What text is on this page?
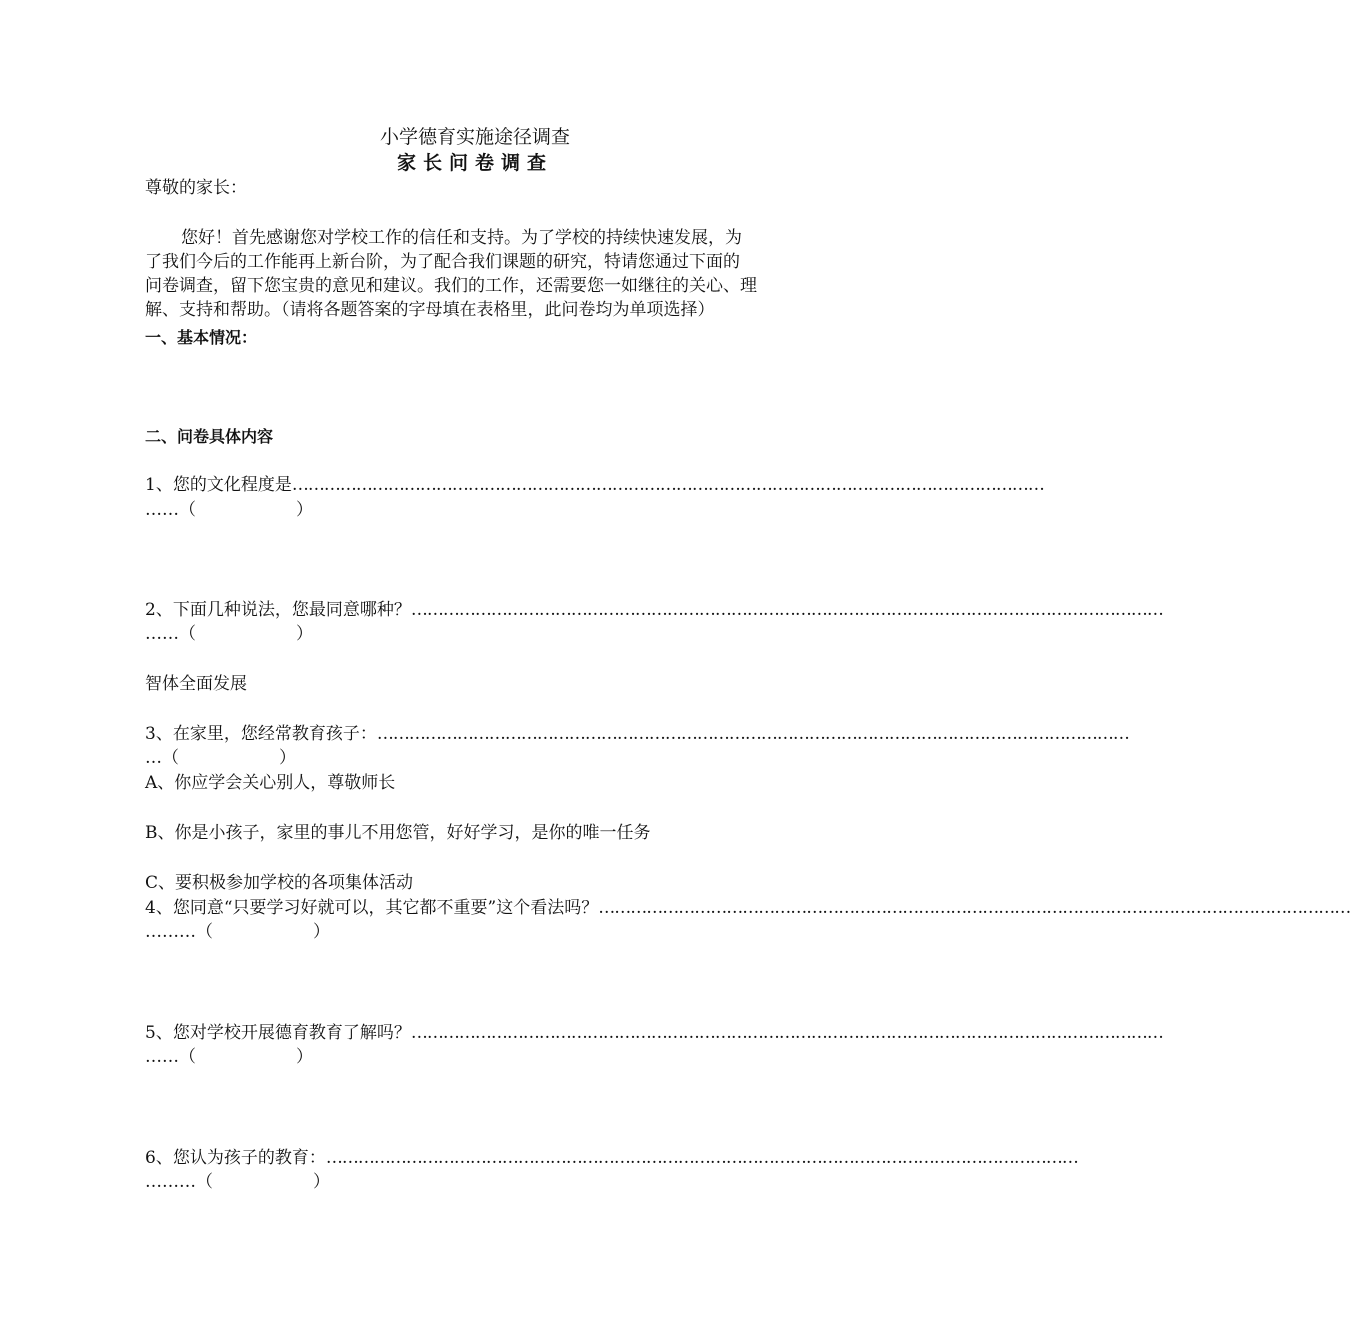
小学德育实施途径调查
家长问卷调查
尊敬的家长：
您好！首先感谢您对学校工作的信任和支持。为了学校的持续快速发展，为
了我们今后的工作能再上新台阶，为了配合我们课题的研究，特请您通过下面的
问卷调查，留下您宝贵的意见和建议。我们的工作，还需要您一如继往的关心、理
解、支持和帮助。（请将各题答案的字母填在表格里，此问卷均为单项选择）
一、基本情况：
二、问卷具体内容
1、您的文化程度是 ……………………………………………………………………………………………………………………………
……（	）
2、下面几种说法，您最同意哪种？ ……………………………………………………………………………………………………………………………
……（	）
智体全面发展
3、在家里，您经常教育孩子： ……………………………………………………………………………………………………………………………
…（	）
A、你应学会关心别人，尊敬师长
B、你是小孩子，家里的事儿不用您管，好好学习，是你的唯一任务
C、要积极参加学校的各项集体活动
4、您同意“只要学习好就可以，其它都不重要”这个看法吗？ ……………………………………………………………………………………………………………………………
………（	）
5、您对学校开展德育教育了解吗？ ……………………………………………………………………………………………………………………………
……（	）
6、您认为孩子的教育： ……………………………………………………………………………………………………………………………
………（	）
